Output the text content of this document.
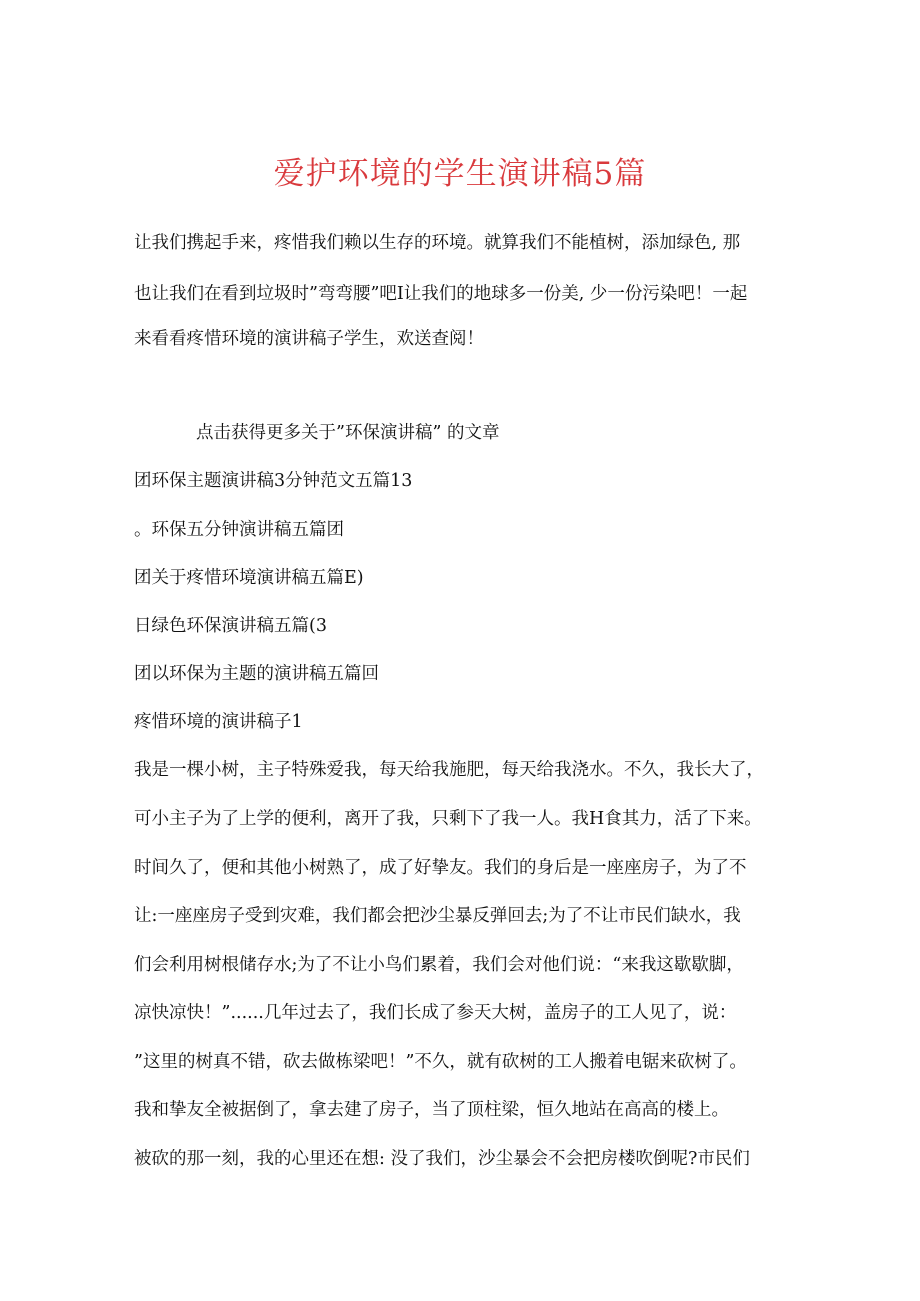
爱护环境的学生演讲稿5篇
让我们携起手来，疼惜我们赖以生存的环境。就算我们不能植树，添加绿色, 那
也让我们在看到垃圾时”弯弯腰”吧I让我们的地球多一份美, 少一份污染吧！一起
来看看疼惜环境的演讲稿子学生，欢送查阅！
点击获得更多关于”环保演讲稿” 的文章
团环保主题演讲稿3分钟范文五篇13
。环保五分钟演讲稿五篇团
团关于疼惜环境演讲稿五篇E)
日绿色环保演讲稿五篇(3
团以环保为主题的演讲稿五篇回
疼惜环境的演讲稿子1
我是一棵小树，主子特殊爱我，每天给我施肥，每天给我浇水。不久，我长大了，
可小主子为了上学的便利，离开了我，只剩下了我一人。我H食其力，活了下来。
时间久了，便和其他小树熟了，成了好挚友。我们的身后是一座座房子，为了不
让:一座座房子受到灾难，我们都会把沙尘暴反弹回去;为了不让市民们缺水，我
们会利用树根储存水;为了不让小鸟们累着，我们会对他们说：“来我这歇歇脚，
凉快凉快！”......几年过去了，我们长成了参天大树，盖房子的工人见了，说：
”这里的树真不错，砍去做栋梁吧！”不久，就有砍树的工人搬着电锯来砍树了。
我和挚友全被据倒了，拿去建了房子，当了顶柱梁，恒久地站在高高的楼上。
被砍的那一刻，我的心里还在想: 没了我们，沙尘暴会不会把房楼吹倒呢?市民们
